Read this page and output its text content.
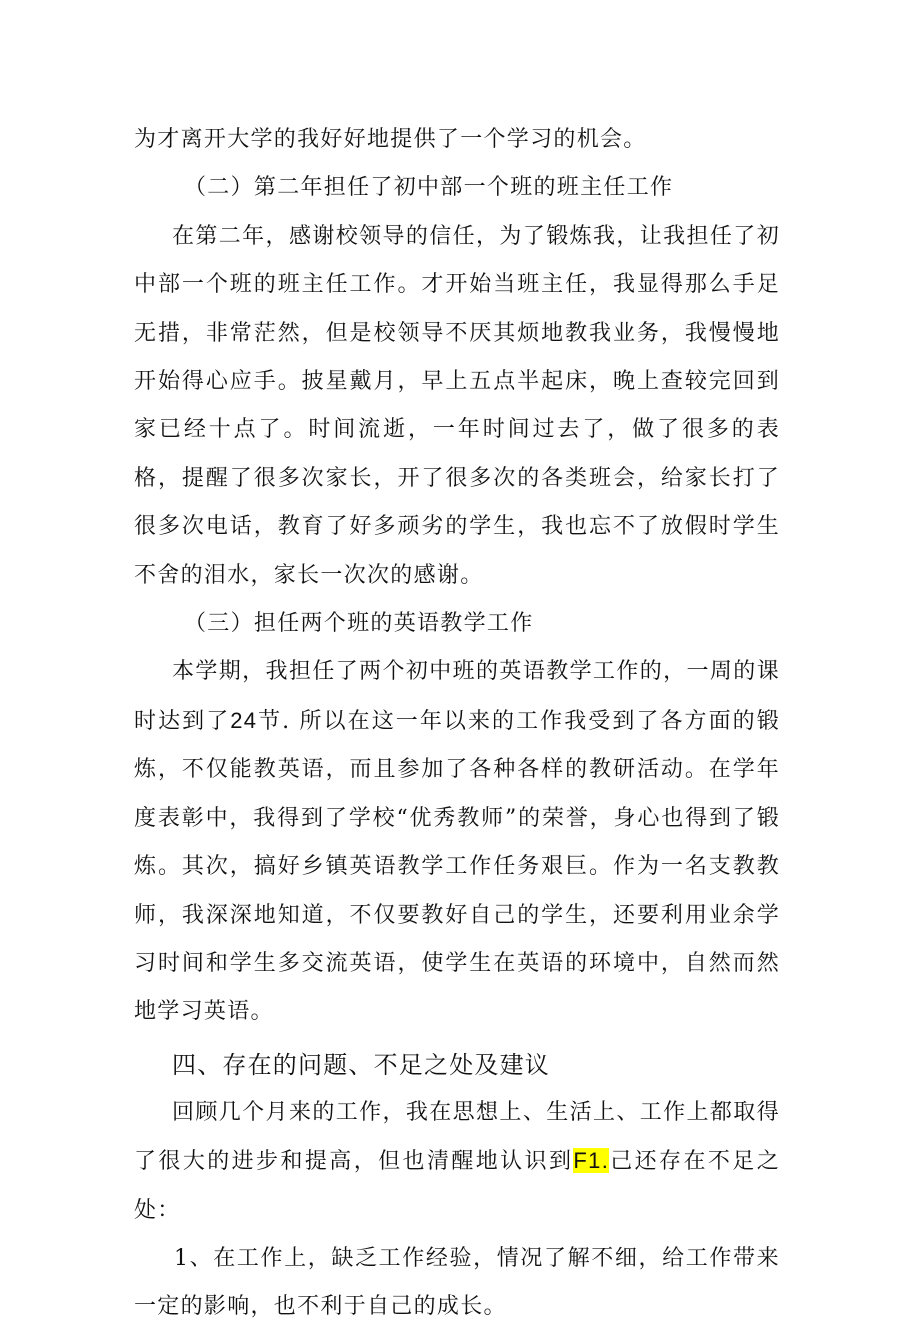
为才离开大学的我好好地提供了一个学习的机会。

（二）第二年担任了初中部一个班的班主任工作

在第二年，感谢校领导的信任，为了锻炼我，让我担任了初中部一个班的班主任工作。才开始当班主任，我显得那么手足无措，非常茫然，但是校领导不厌其烦地教我业务，我慢慢地开始得心应手。披星戴月，早上五点半起床，晚上查较完回到家已经十点了。时间流逝，一年时间过去了，做了很多的表格，提醒了很多次家长，开了很多次的各类班会，给家长打了很多次电话，教育了好多顽劣的学生，我也忘不了放假时学生不舍的泪水，家长一次次的感谢。

（三）担任两个班的英语教学工作

本学期，我担任了两个初中班的英语教学工作的，一周的课时达到了24节. 所以在这一年以来的工作我受到了各方面的锻炼，不仅能教英语，而且参加了各种各样的教研活动。在学年度表彰中，我得到了学校“优秀教师”的荣誉，身心也得到了锻炼。其次，搞好乡镇英语教学工作任务艰巨。作为一名支教教师，我深深地知道，不仅要教好自己的学生，还要利用业余学习时间和学生多交流英语，使学生在英语的环境中，自然而然地学习英语。

四、存在的问题、不足之处及建议

回顾几个月来的工作，我在思想上、生活上、工作上都取得了很大的进步和提高，但也清醒地认识到F1.己还存在不足之处：

1、在工作上，缺乏工作经验，情况了解不细，给工作带来一定的影响，也不利于自己的成长。
